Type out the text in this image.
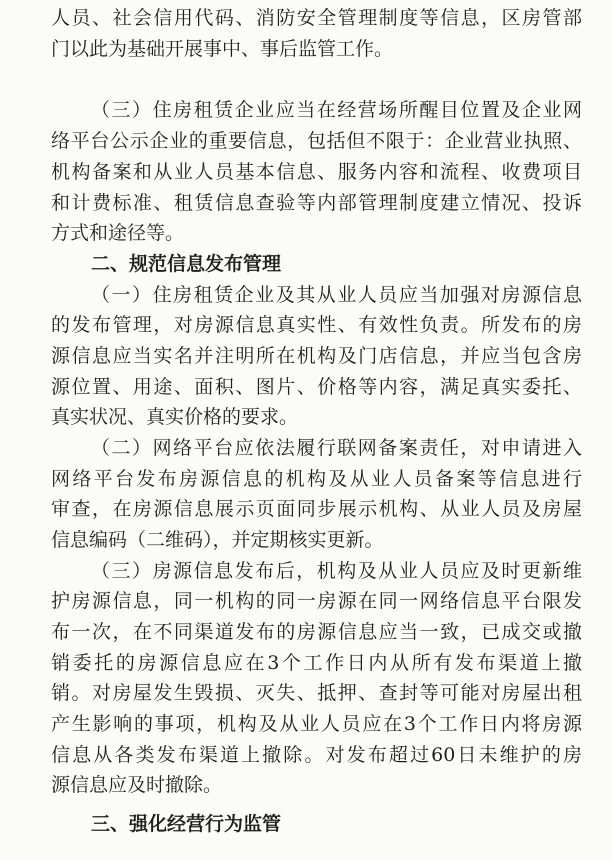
人员、社会信用代码、消防安全管理制度等信息，区房管部
门以此为基础开展事中、事后监管工作。
（三）住房租赁企业应当在经营场所醒目位置及企业网
络平台公示企业的重要信息，包括但不限于：企业营业执照、
机构备案和从业人员基本信息、服务内容和流程、收费项目
和计费标准、租赁信息查验等内部管理制度建立情况、投诉
方式和途径等。
二、规范信息发布管理
（一）住房租赁企业及其从业人员应当加强对房源信息
的发布管理，对房源信息真实性、有效性负责。所发布的房
源信息应当实名并注明所在机构及门店信息，并应当包含房
源位置、用途、面积、图片、价格等内容，满足真实委托、
真实状况、真实价格的要求。
（二）网络平台应依法履行联网备案责任，对申请进入
网络平台发布房源信息的机构及从业人员备案等信息进行
审查，在房源信息展示页面同步展示机构、从业人员及房屋
信息编码（二维码），并定期核实更新。
（三）房源信息发布后，机构及从业人员应及时更新维
护房源信息，同一机构的同一房源在同一网络信息平台限发
布一次，在不同渠道发布的房源信息应当一致，已成交或撤
销委托的房源信息应在3个工作日内从所有发布渠道上撤
销。对房屋发生毁损、灭失、抵押、查封等可能对房屋出租
产生影响的事项，机构及从业人员应在3个工作日内将房源
信息从各类发布渠道上撤除。对发布超过60日未维护的房
源信息应及时撤除。
三、强化经营行为监管
